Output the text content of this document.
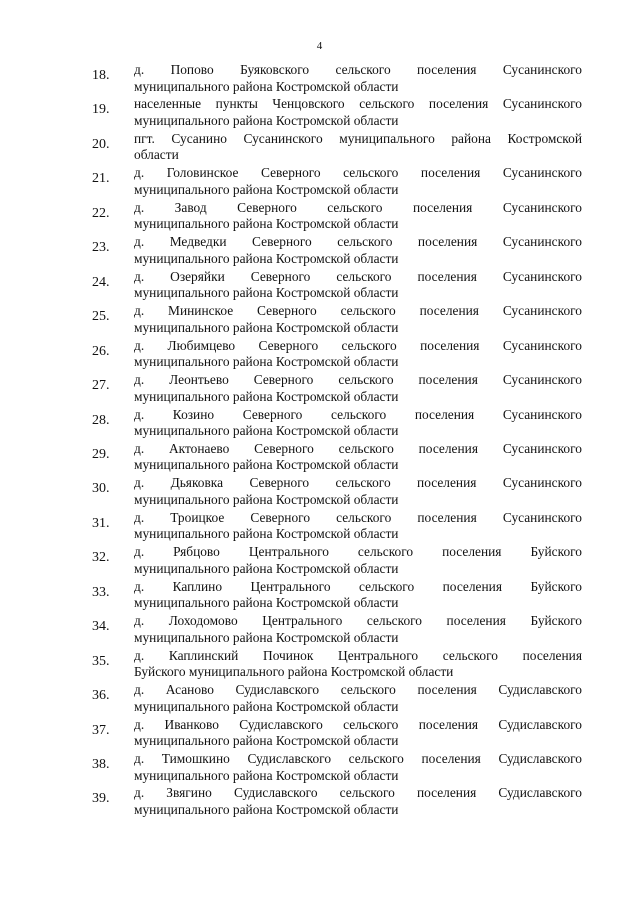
4
18.	д. Попово Буяковского сельского поселения Сусанинского
муниципального района Костромской области
19.	населенные пункты Ченцовского сельского поселения Сусанинского
муниципального района Костромской области
20.	пгт. Сусанино Сусанинского муниципального района Костромской
области
21.	д. Головинское Северного сельского поселения Сусанинского
муниципального района Костромской области
22.	д. Завод Северного сельского поселения Сусанинского
муниципального района Костромской области
23.	д. Медведки Северного сельского поселения Сусанинского
муниципального района Костромской области
24.	д. Озеряйки Северного сельского поселения Сусанинского
муниципального района Костромской области
25.	д. Мининское Северного сельского поселения Сусанинского
муниципального района Костромской области
26.	д. Любимцево Северного сельского поселения Сусанинского
муниципального района Костромской области
27.	д. Леонтьево Северного сельского поселения Сусанинского
муниципального района Костромской области
28.	д. Козино Северного сельского поселения Сусанинского
муниципального района Костромской области
29.	д. Актонаево Северного сельского поселения Сусанинского
муниципального района Костромской области
30.	д. Дьяковка Северного сельского поселения Сусанинского
муниципального района Костромской области
31.	д. Троицкое Северного сельского поселения Сусанинского
муниципального района Костромской области
32.	д. Рябцово Центрального сельского поселения Буйского
муниципального района Костромской области
33.	д. Каплино Центрального сельского поселения Буйского
муниципального района Костромской области
34.	д. Лоходомово Центрального сельского поселения Буйского
муниципального района Костромской области
35.	д. Каплинский Починок Центрального сельского поселения
Буйского муниципального района Костромской области
36.	д. Асаново Судиславского сельского поселения Судиславского
муниципального района Костромской области
37.	д. Иванково Судиславского сельского поселения Судиславского
муниципального района Костромской области
38.	д. Тимошкино Судиславского сельского поселения Судиславского
муниципального района Костромской области
39.	д. Звягино Судиславского сельского поселения Судиславского
муниципального района Костромской области
